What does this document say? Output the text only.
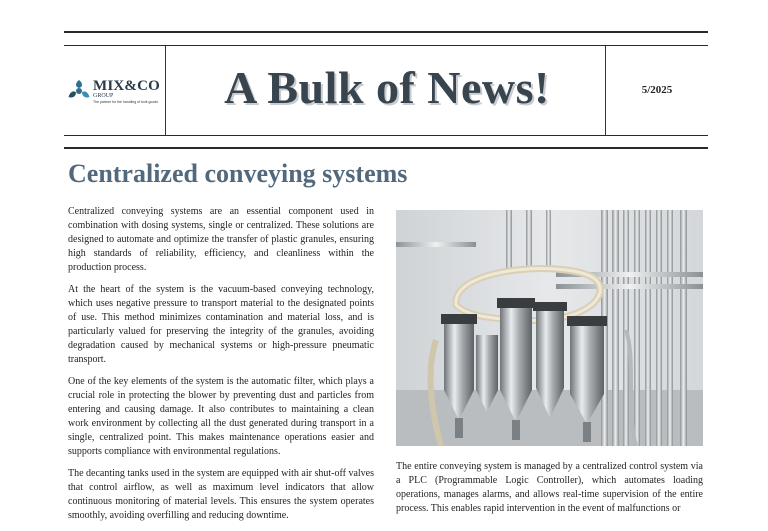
MIX&CO
GROUP
The partner for the handling of bulk goods	A Bulk of News!	5/2025
Centralized conveying systems

Centralized conveying systems are an essential component used in combination with dosing systems, single or centralized. These solutions are designed to automate and optimize the transfer of plastic granules, ensuring high standards of reliability, efficiency, and cleanliness within the production process.

At the heart of the system is the vacuum-based conveying technology, which uses negative pressure to transport material to the designated points of use. This method minimizes contamination and material loss, and is particularly valued for preserving the integrity of the granules, avoiding degradation caused by mechanical systems or high-pressure pneumatic transport.

One of the key elements of the system is the automatic filter, which plays a crucial role in protecting the blower by preventing dust and particles from entering and causing damage. It also contributes to maintaining a clean work environment by collecting all the dust generated during transport in a single, centralized point. This makes maintenance operations easier and supports compliance with environmental regulations.

The decanting tanks used in the system are equipped with air shut-off valves that control airflow, as well as maximum level indicators that allow continuous monitoring of material levels. This ensures the system operates smoothly, avoiding overfilling and reducing downtime.

The entire conveying system is managed by a centralized control system via a PLC (Programmable Logic Controller), which automates loading operations, manages alarms, and allows real-time supervision of the entire process. This enables rapid intervention in the event of malfunctions or
